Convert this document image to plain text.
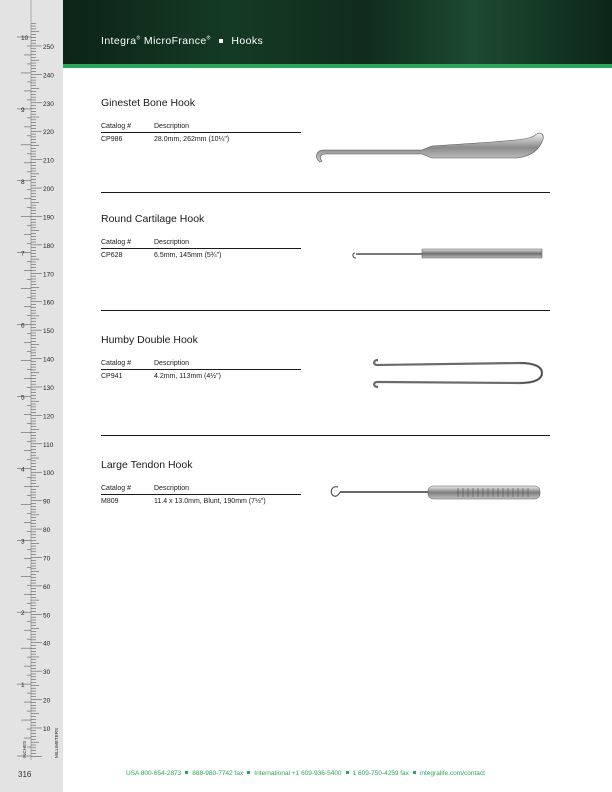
10
20
30
40
50
60
70
80
90
100
110
120
130
140
150
160
170
180
190
200
210
220
230
240
250
1
2
3
4
5
6
7
8
9
10
INCHES	MILLIMETERS
316
Integra® MicroFrance® Hooks
Ginestet Bone Hook
Catalog #	Description
CP986	28.0mm, 262mm (10¼")
Round Cartilage Hook
Catalog #	Description
CP628	6.5mm, 145mm (5¾")
Humby Double Hook
Catalog #	Description
CP941	4.2mm, 113mm (4½")
Large Tendon Hook
Catalog #	Description
M809	11.4 x 13.0mm, Blunt, 190mm (7½")
USA 800-654-2873 888-980-7742 fax International +1 609-936-5400 1 609-750-4259 fax integralife.com/contact
